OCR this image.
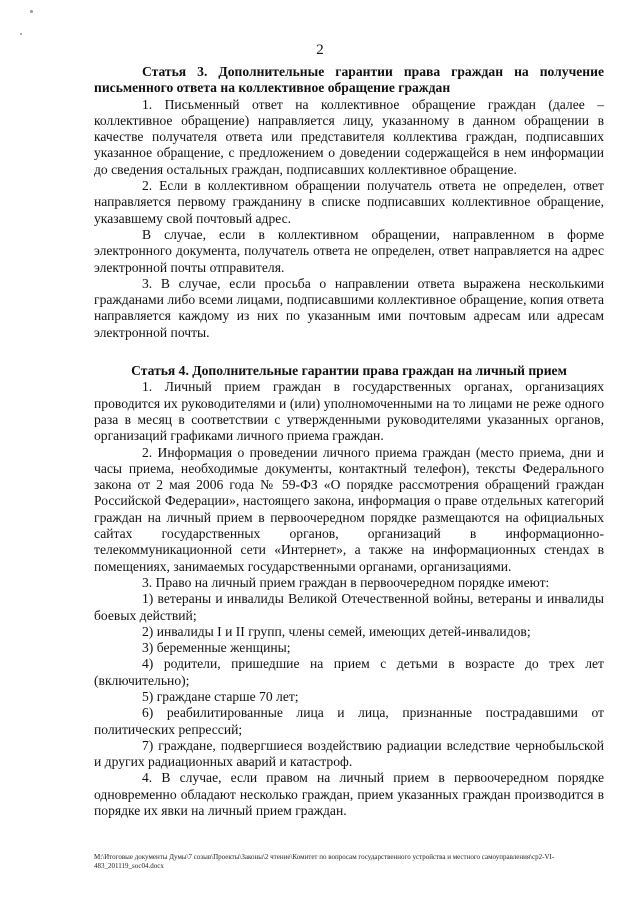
2

Статья 3. Дополнительные гарантии права граждан на получение письменного ответа на коллективное обращение граждан

1. Письменный ответ на коллективное обращение граждан (далее – коллективное обращение) направляется лицу, указанному в данном обращении в качестве получателя ответа или представителя коллектива граждан, подписавших указанное обращение, с предложением о доведении содержащейся в нем информации до сведения остальных граждан, подписавших коллективное обращение.

2. Если в коллективном обращении получатель ответа не определен, ответ направляется первому гражданину в списке подписавших коллективное обращение, указавшему свой почтовый адрес.

В случае, если в коллективном обращении, направленном в форме электронного документа, получатель ответа не определен, ответ направляется на адрес электронной почты отправителя.

3. В случае, если просьба о направлении ответа выражена несколькими гражданами либо всеми лицами, подписавшими коллективное обращение, копия ответа направляется каждому из них по указанным ими почтовым адресам или адресам электронной почты.

Статья 4. Дополнительные гарантии права граждан на личный прием

1. Личный прием граждан в государственных органах, организациях проводится их руководителями и (или) уполномоченными на то лицами не реже одного раза в месяц в соответствии с утвержденными руководителями указанных органов, организаций графиками личного приема граждан.

2. Информация о проведении личного приема граждан (место приема, дни и часы приема, необходимые документы, контактный телефон), тексты Федерального закона от 2 мая 2006 года № 59-ФЗ «О порядке рассмотрения обращений граждан Российской Федерации», настоящего закона, информация о праве отдельных категорий граждан на личный прием в первоочередном порядке размещаются на официальных сайтах государственных органов, организаций в информационно-телекоммуникационной сети «Интернет», а также на информационных стендах в помещениях, занимаемых государственными органами, организациями.

3. Право на личный прием граждан в первоочередном порядке имеют:

1) ветераны и инвалиды Великой Отечественной войны, ветераны и инвалиды боевых действий;

2) инвалиды I и II групп, члены семей, имеющих детей-инвалидов;

3) беременные женщины;

4) родители, пришедшие на прием с детьми в возрасте до трех лет (включительно);

5) граждане старше 70 лет;

6) реабилитированные лица и лица, признанные пострадавшими от политических репрессий;

7) граждане, подвергшиеся воздействию радиации вследствие чернобыльской и других радиационных аварий и катастроф.

4. В случае, если правом на личный прием в первоочередном порядке одновременно обладают несколько граждан, прием указанных граждан производится в порядке их явки на личный прием граждан.

M:\Итоговые документы Думы\7 созыв\Проекты\Законы\2 чтение\Комитет по вопросам государственного устройства и местного самоуправления\ср2-VI-483_201119_sос04.docx
